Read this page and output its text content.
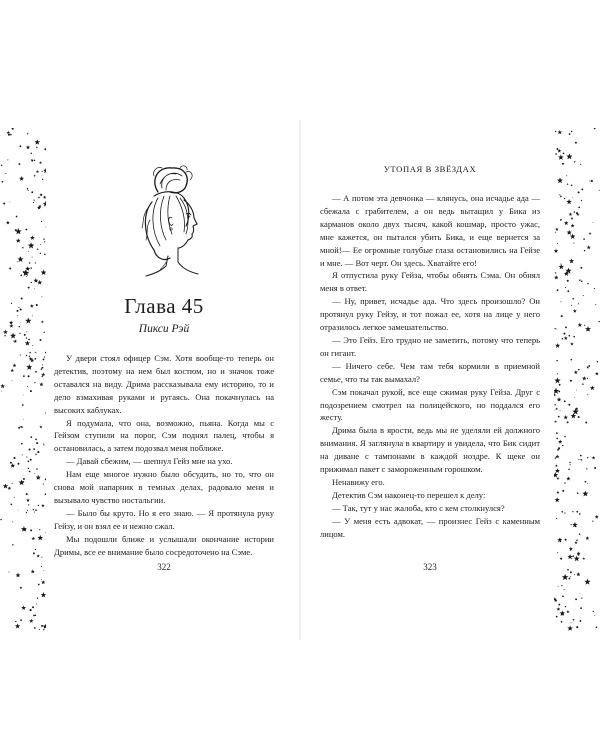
Глава 45
Пикси Рэй

У двери стоял офицер Сэм. Хотя вообще-то теперь он детектив, поэтому на нем был костюм, но и значок тоже оставался на виду. Дрима рассказывала ему историю, то и дело взмахивая руками и ругаясь. Она покачнулась на высоких каблуках.

Я подумала, что она, возможно, пьяна. Когда мы с Гейзом ступили на порог, Сэм поднял палец, чтобы я остановилась, а затем подозвал меня поближе.

— Давай сбежим, — шепнул Гейз мне на ухо.

Нам еще многое нужно было обсудить, но то, что он снова мой напарник в темных делах, радовало меня и вызывало чувство ностальгии.

— Было бы круто. Но я его знаю. — Я протянула руку Гейзу, и он взял ее и нежно сжал.

Мы подошли ближе и услышали окончание истории Дримы, все ее внимание было сосредоточено на Сэме.

322
УТОПАЯ В ЗВЁЗДАХ

— А потом эта девчонка — клянусь, она исчадье ада — сбежала с грабителем, а он ведь вытащил у Бика из карманов около двух тысяч, какой кошмар, просто ужас, мне кажется, он пытался убить Бика, и еще вернется за мной!— Ее огромные голубые глаза остановились на Гейзе и мне. — Вот черт. Он здесь. Хватайте его!

Я отпустила руку Гейза, чтобы обнять Сэма. Он обнял меня в ответ.

— Ну, привет, исчадье ада. Что здесь произошло? Он протянул руку Гейзу, и тот пожал ее, хотя на лице у него отразилось легкое замешательство.

— Это Гейз. Его трудно не заметить, потому что теперь он гигант.

— Ничего себе. Чем там тебя кормили в приемной семье, что ты так вымахал?

Сэм покачал рукой, все еще сжимая руку Гейза. Друг с подозрением смотрел на полицейского, но поддался его жесту.

Дрима была в ярости, ведь мы не уделяли ей должного внимания. Я заглянула в квартиру и увидела, что Бик сидит на диване с тампонами в каждой ноздре. К щеке он прижимал пакет с замороженным горошком.

Ненавижу его.

Детектив Сэм наконец-то перешел к делу:

— Так, тут у нас жалоба, кто с кем столкнулся?

— У меня есть адвокат, — произнес Гейз с каменным лицом.

323
